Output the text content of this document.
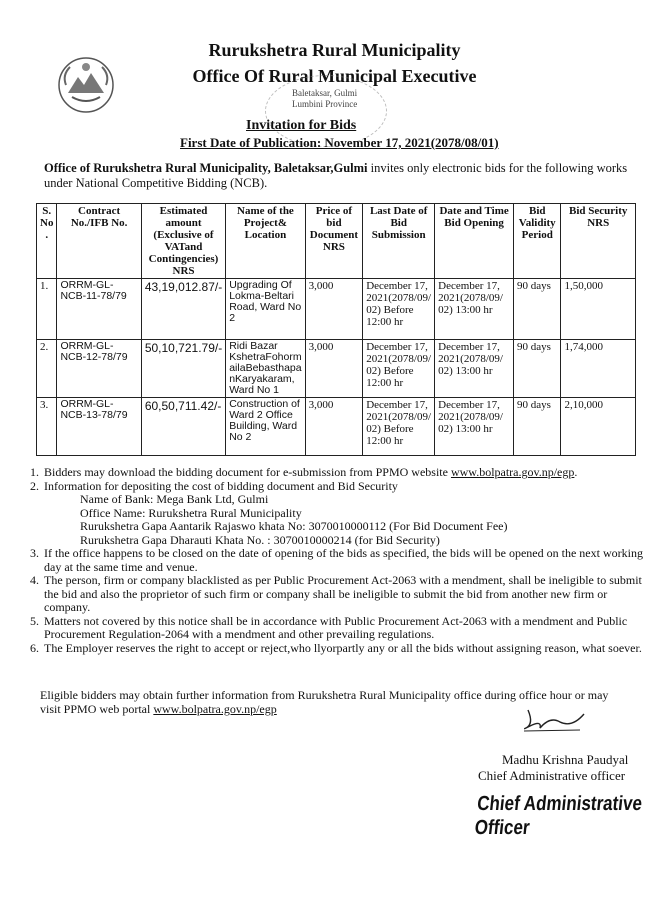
Rurukshetra Rural Municipality
Office Of Rural Municipal Executive
Baletaksar, Gulmi
Lumbini Province
Invitation for Bids
First Date of Publication: November 17, 2021(2078/08/01)
Office of Rurukshetra Rural Municipality, Baletaksar,Gulmi invites only electronic bids for the following works under National Competitive Bidding (NCB).
S. No .	Contract No./IFB No.	Estimated amount (Exclusive of VATand Contingencies) NRS	Name of the Project& Location	Price of bid Document NRS	Last Date of Bid Submission	Date and Time Bid Opening	Bid Validity Period	Bid Security NRS
1.	ORRM-GL-NCB-11-78/79	43,19,012.87/-	Upgrading Of Lokma-Beltari Road, Ward No 2	3,000	December 17, 2021(2078/09/ 02) Before 12:00 hr	December 17, 2021(2078/09/ 02) 13:00 hr	90 days	1,50,000
2.	ORRM-GL-NCB-12-78/79	50,10,721.79/-	Ridi Bazar KshetraFohorm ailaBebasthapa nKaryakaram, Ward No 1	3,000	December 17, 2021(2078/09/ 02) Before 12:00 hr	December 17, 2021(2078/09/ 02) 13:00 hr	90 days	1,74,000
3.	ORRM-GL-NCB-13-78/79	60,50,711.42/-	Construction of Ward 2 Office Building, Ward No 2	3,000	December 17, 2021(2078/09/ 02) Before 12:00 hr	December 17, 2021(2078/09/ 02) 13:00 hr	90 days	2,10,000
1. Bidders may download the bidding document for e-submission from PPMO website www.bolpatra.gov.np/egp.
2. Information for depositing the cost of bidding document and Bid Security
Name of Bank: Mega Bank Ltd, Gulmi
Office Name: Rurukshetra Rural Municipality
Rurukshetra Gapa Aantarik Rajaswo khata No: 3070010000112 (For Bid Document Fee)
Rurukshetra Gapa Dharauti Khata No. : 3070010000214 (for Bid Security)
3. If the office happens to be closed on the date of opening of the bids as specified, the bids will be opened on the next working day at the same time and venue.
4. The person, firm or company blacklisted as per Public Procurement Act-2063 with a mendment, shall be ineligible to submit the bid and also the proprietor of such firm or company shall be ineligible to submit the bid from another new firm or company.
5. Matters not covered by this notice shall be in accordance with Public Procurement Act-2063 with a mendment and Public Procurement Regulation-2064 with a mendment and other prevailing regulations.
6. The Employer reserves the right to accept or reject,who llyorpartly any or all the bids without assigning reason, what soever.
Eligible bidders may obtain further information from Rurukshetra Rural Municipality office during office hour or may visit PPMO web portal www.bolpatra.gov.np/egp
Madhu Krishna Paudyal
Chief Administrative officer
Chief Administrative Officer
